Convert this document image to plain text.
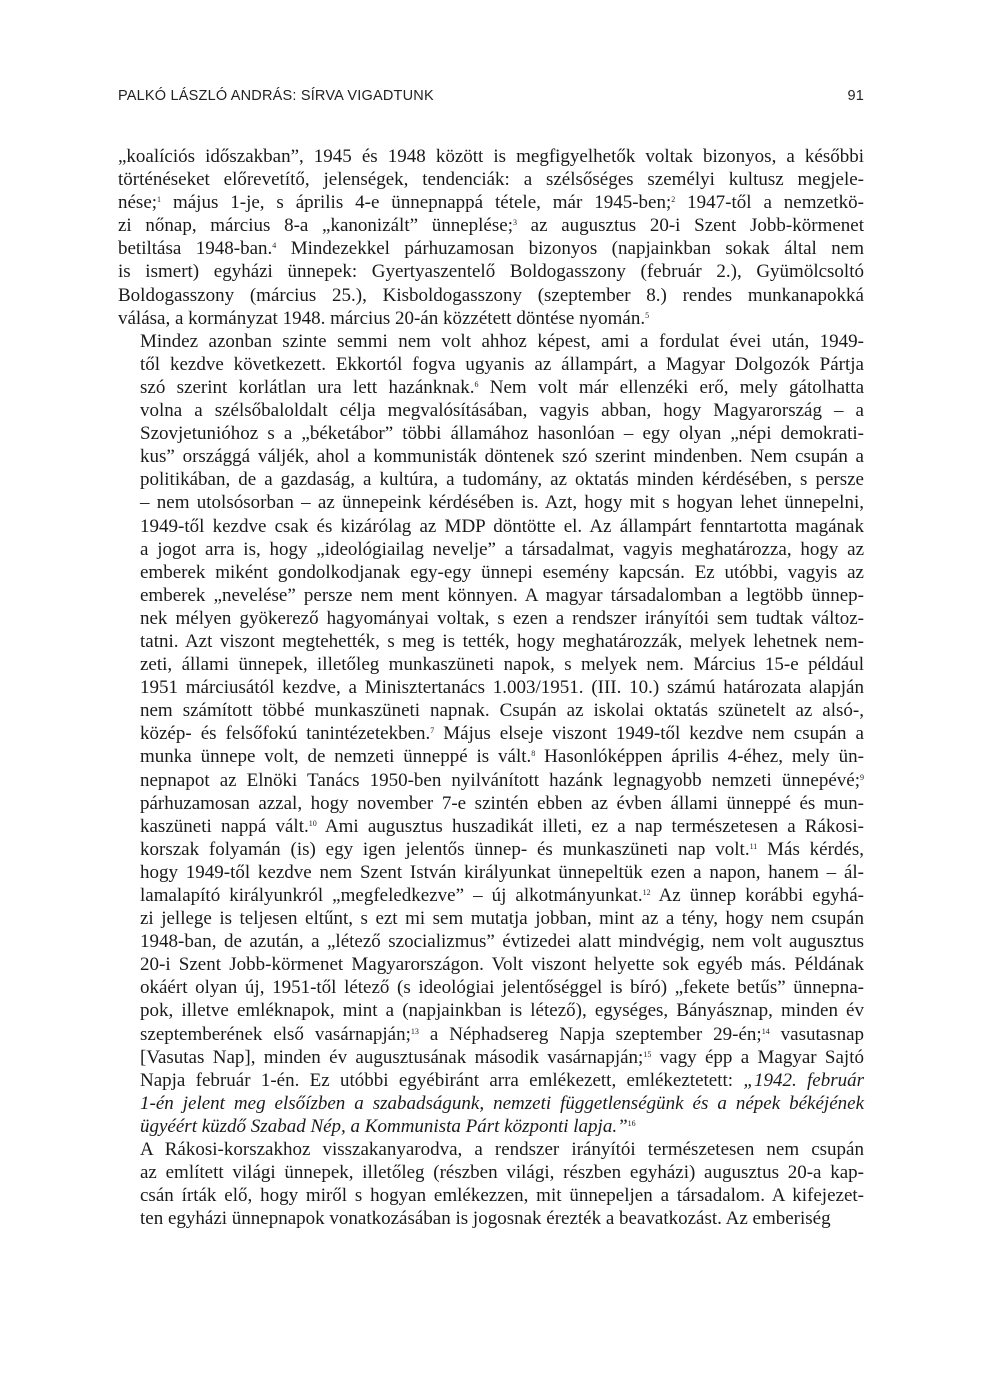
PALKÓ LÁSZLÓ ANDRÁS: SÍRVA VIGADTUNK	91

„koalíciós időszakban”, 1945 és 1948 között is megfigyelhetők voltak bizonyos, a későbbi
történéseket előrevetítő, jelenségek, tendenciák: a szélsőséges személyi kultusz megjele-
nése;$^1$ május 1-je, s április 4-e ünnepnappá tétele, már 1945-ben;$^2$ 1947-től a nemzetkö-
zi nőnap, március 8-a „kanonizált” ünneplése;$^3$ az augusztus 20-i Szent Jobb-körmenet
betiltása 1948-ban.$^4$ Mindezekkel párhuzamosan bizonyos (napjainkban sokak által nem
is ismert) egyházi ünnepek: Gyertyaszentelő Boldogasszony (február 2.), Gyümölcsoltó
Boldogasszony (március 25.), Kisboldogasszony (szeptember 8.) rendes munkanapokká
válása, a kormányzat 1948. március 20-án közzétett döntése nyomán.$^5$

Mindez azonban szinte semmi nem volt ahhoz képest, ami a fordulat évei után, 1949-
től kezdve következett. Ekkortól fogva ugyanis az állampárt, a Magyar Dolgozók Pártja
szó szerint korlátlan ura lett hazánknak.$^6$ Nem volt már ellenzéki erő, mely gátolhatta
volna a szélsőbaloldalt célja megvalósításában, vagyis abban, hogy Magyarország – a
Szovjetunióhoz s a „béketábor” többi államához hasonlóan – egy olyan „népi demokrati-
kus” országgá váljék, ahol a kommunisták döntenek szó szerint mindenben. Nem csupán a
politikában, de a gazdaság, a kultúra, a tudomány, az oktatás minden kérdésében, s persze
– nem utolsósorban – az ünnepeink kérdésében is. Azt, hogy mit s hogyan lehet ünnepelni,
1949-től kezdve csak és kizárólag az MDP döntötte el. Az állampárt fenntartotta magának
a jogot arra is, hogy „ideológiailag nevelje” a társadalmat, vagyis meghatározza, hogy az
emberek miként gondolkodjanak egy-egy ünnepi esemény kapcsán. Ez utóbbi, vagyis az
emberek „nevelése” persze nem ment könnyen. A magyar társadalomban a legtöbb ünnep-
nek mélyen gyökerező hagyományai voltak, s ezen a rendszer irányítói sem tudtak változ-
tatni. Azt viszont megtehették, s meg is tették, hogy meghatározzák, melyek lehetnek nem-
zeti, állami ünnepek, illetőleg munkaszüneti napok, s melyek nem. Március 15-e például
1951 márciusától kezdve, a Minisztertanács 1.003/1951. (III. 10.) számú határozata alapján
nem számított többé munkaszüneti napnak. Csupán az iskolai oktatás szünetelt az alsó-,
közép- és felsőfokú tanintézetekben.$^7$ Május elseje viszont 1949-től kezdve nem csupán a
munka ünnepe volt, de nemzeti ünneppé is vált.$^8$ Hasonlóképpen április 4-éhez, mely ün-
nepnapot az Elnöki Tanács 1950-ben nyilvánított hazánk legnagyobb nemzeti ünnepévé;$^9$
párhuzamosan azzal, hogy november 7-e szintén ebben az évben állami ünneppé és mun-
kaszüneti nappá vált.$^{10}$ Ami augusztus huszadikát illeti, ez a nap természetesen a Rákosi-
korszak folyamán (is) egy igen jelentős ünnep- és munkaszüneti nap volt.$^{11}$ Más kérdés,
hogy 1949-től kezdve nem Szent István királyunkat ünnepeltük ezen a napon, hanem – ál-
lamalapító királyunkról „megfeledkezve” – új alkotmányunkat.$^{12}$ Az ünnep korábbi egyhá-
zi jellege is teljesen eltűnt, s ezt mi sem mutatja jobban, mint az a tény, hogy nem csupán
1948-ban, de azután, a „létező szocializmus” évtizedei alatt mindvégig, nem volt augusztus
20-i Szent Jobb-körmenet Magyarországon. Volt viszont helyette sok egyéb más. Példának
okáért olyan új, 1951-től létező (s ideológiai jelentőséggel is bíró) „fekete betűs” ünnepna-
pok, illetve emléknapok, mint a (napjainkban is létező), egységes, Bányásznap, minden év
szeptemberének első vasárnapján;$^{13}$ a Néphadsereg Napja szeptember 29-én;$^{14}$ vasutasnap
[Vasutas Nap], minden év augusztusának második vasárnapján;$^{15}$ vagy épp a Magyar Sajtó
Napja február 1-én. Ez utóbbi egyébiránt arra emlékezett, emlékeztetett: „1942. február
1-én jelent meg elsőízben a szabadságunk, nemzeti függetlenségünk és a népek békéjének
ügyéért küzdő Szabad Nép, a Kommunista Párt központi lapja.”$^{16}$

A Rákosi-korszakhoz visszakanyarodva, a rendszer irányítói természetesen nem csupán
az említett világi ünnepek, illetőleg (részben világi, részben egyházi) augusztus 20-a kap-
csán írták elő, hogy miről s hogyan emlékezzen, mit ünnepeljen a társadalom. A kifejezet-
ten egyházi ünnepnapok vonatkozásában is jogosnak érezték a beavatkozást. Az emberiség
